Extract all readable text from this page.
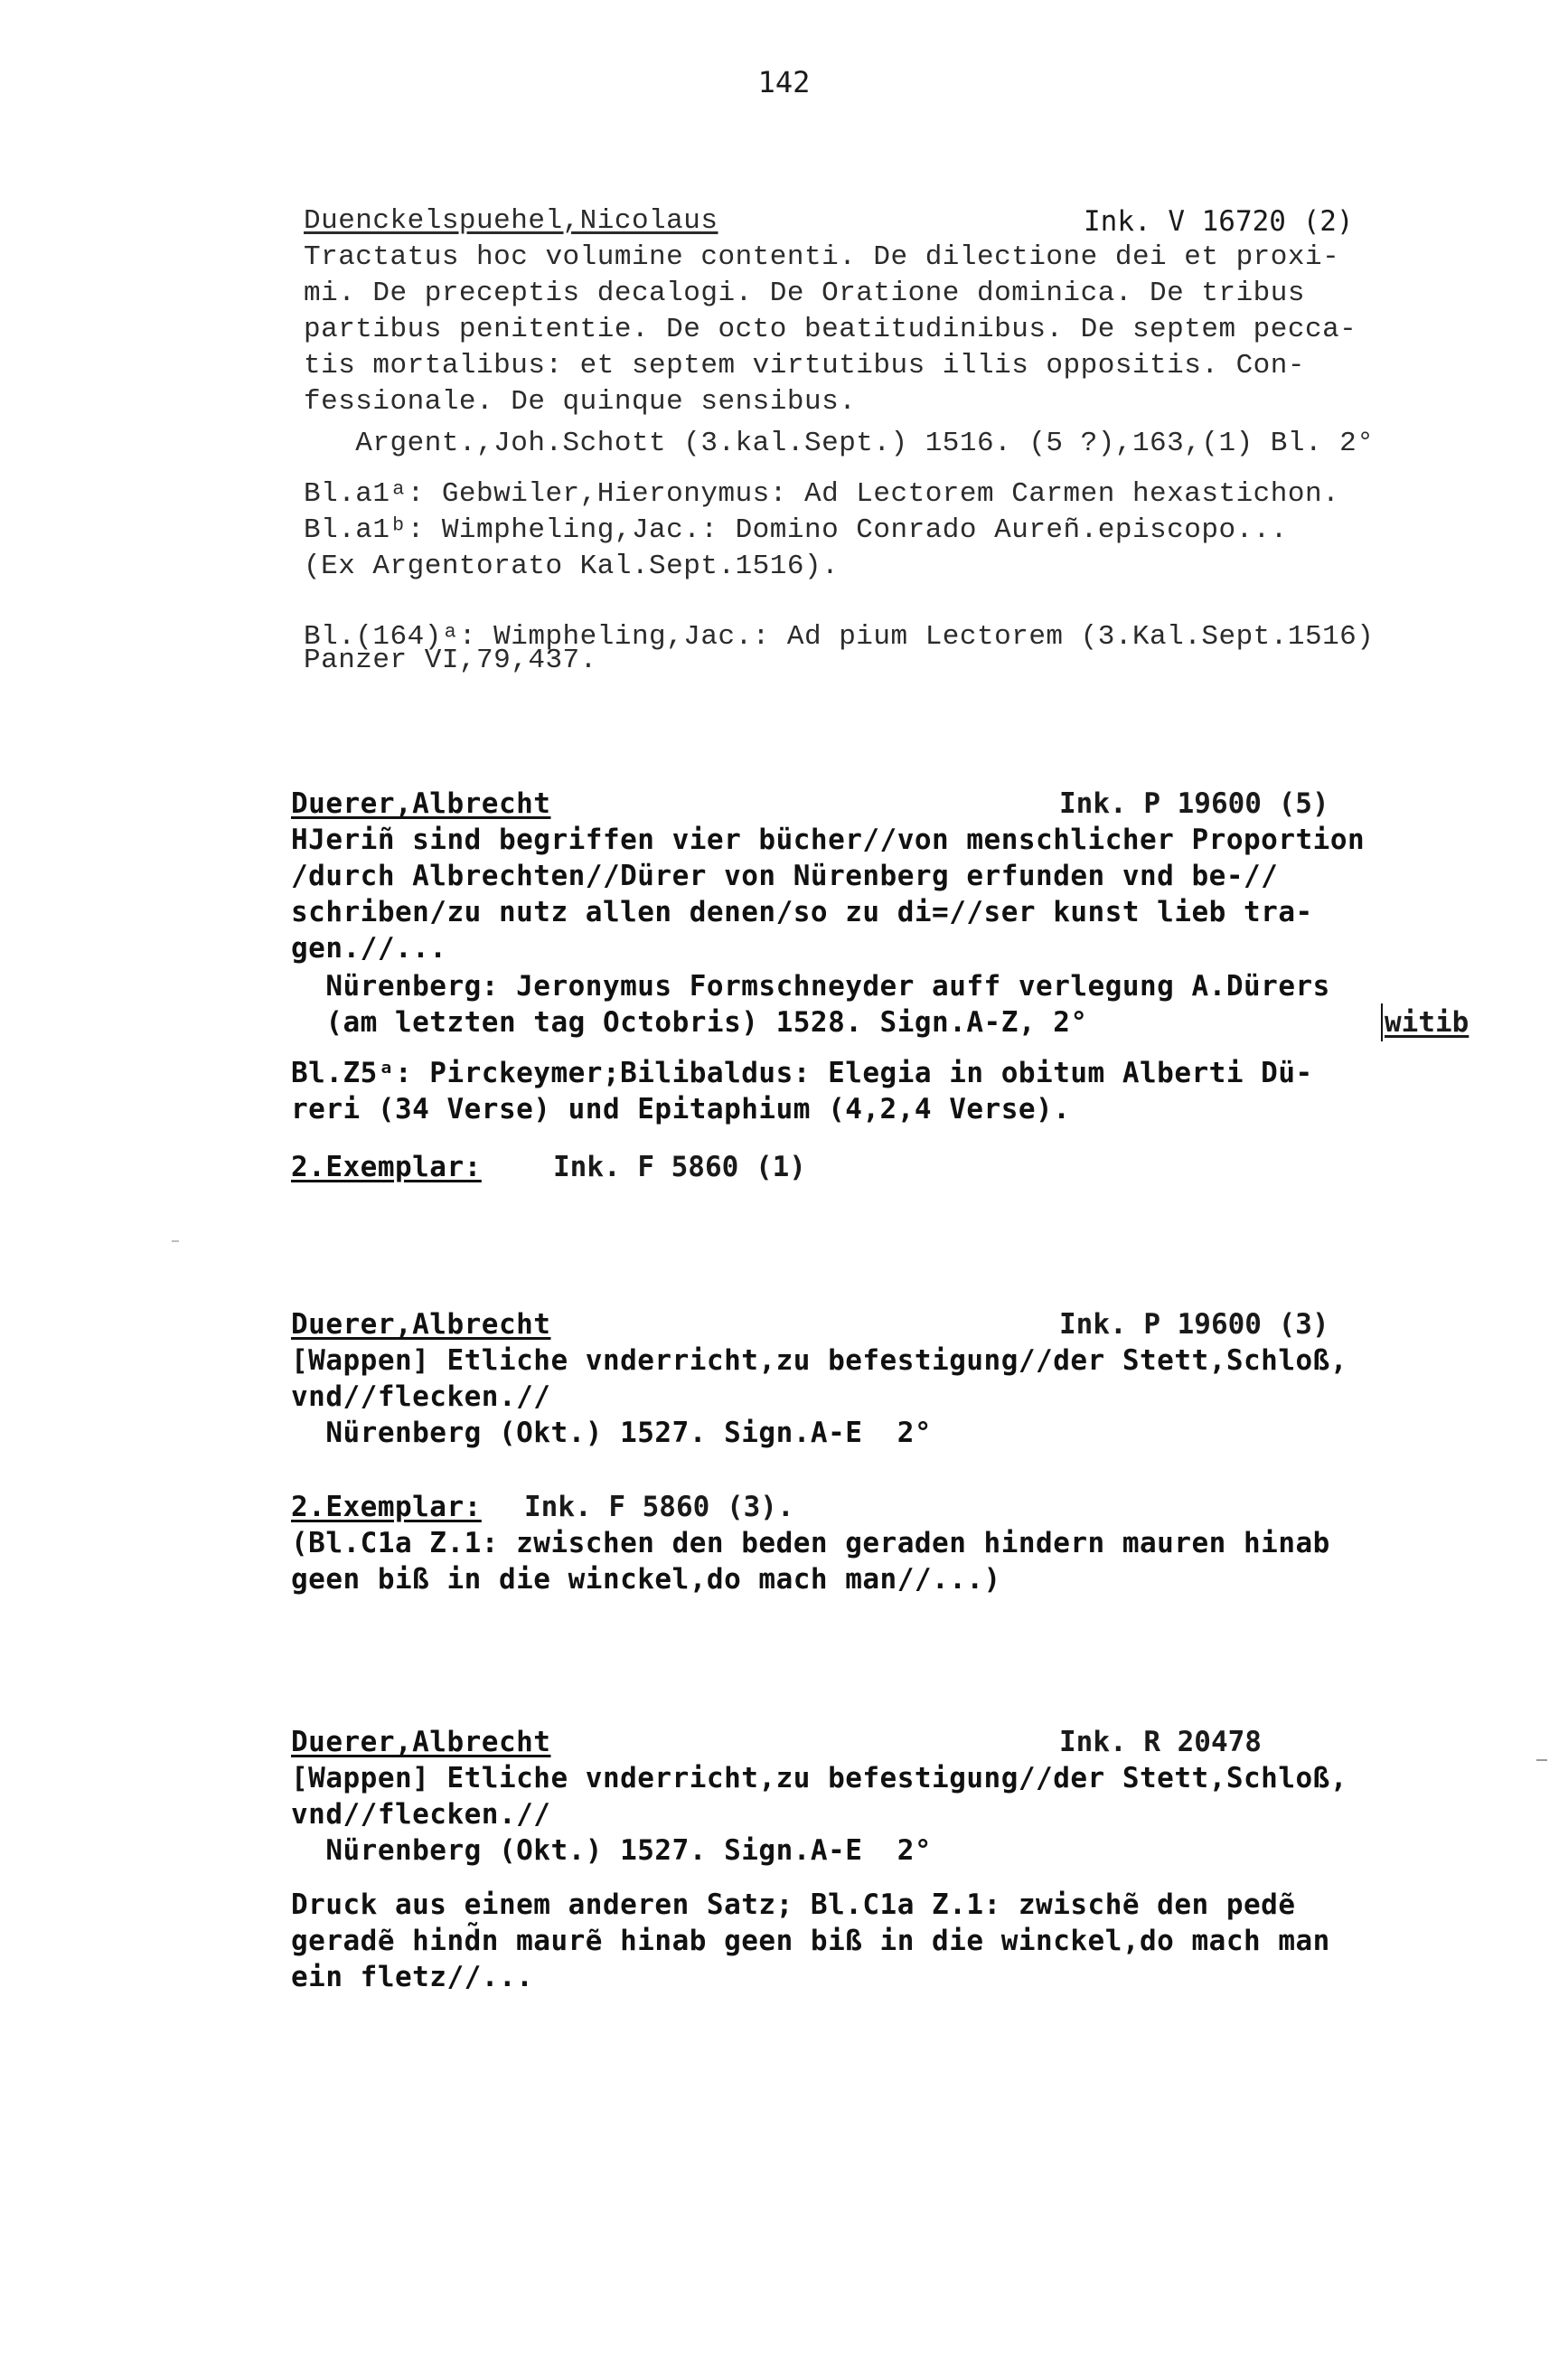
142
Duenckelspuehel,Nicolaus	Ink. V 16720 (2)
Tractatus hoc volumine contenti. De dilectione dei et proxi-
mi. De preceptis decalogi. De Oratione dominica. De tribus
partibus penitentie. De octo beatitudinibus. De septem pecca-
tis mortalibus: et septem virtutibus illis oppositis. Con-
fessionale. De quinque sensibus.
Argent.,Joh.Schott (3.kal.Sept.) 1516. (5 ?),163,(1) Bl. 2°
Bl.a1ᵃ: Gebwiler,Hieronymus: Ad Lectorem Carmen hexastichon.
Bl.a1ᵇ: Wimpheling,Jac.: Domino Conrado Aureñ.episcopo...
(Ex Argentorato Kal.Sept.1516).
Bl.(164)ᵃ: Wimpheling,Jac.: Ad pium Lectorem (3.Kal.Sept.1516)
Panzer VI,79,437.
Duerer,Albrecht	Ink. P 19600 (5)
HJeriñ sind begriffen vier bücher//von menschlicher Proportion
/durch Albrechten//Dürer von Nürenberg erfunden vnd be-//
schriben/zu nutz allen denen/so zu di=//ser kunst lieb tra-
gen.//...
Nürenberg: Jeronymus Formschneyder auff verlegung A.Dürers
(am letzten tag Octobris) 1528. Sign.A-Z, 2°	witib
Bl.Z5ᵃ: Pirckeymer;Bilibaldus: Elegia in obitum Alberti Dü-
reri (34 Verse) und Epitaphium (4,2,4 Verse).
2.Exemplar:	Ink. F 5860 (1)
Duerer,Albrecht	Ink. P 19600 (3)
[Wappen] Etliche vnderricht,zu befestigung//der Stett,Schloß,
vnd//flecken.//
Nürenberg (Okt.) 1527. Sign.A-E  2°
2.Exemplar: Ink. F 5860 (3).
(Bl.C1a Z.1: zwischen den beden geraden hindern mauren hinab
geen biß in die winckel,do mach man//...)
Duerer,Albrecht	Ink. R 20478
[Wappen] Etliche vnderricht,zu befestigung//der Stett,Schloß,
vnd//flecken.//
Nürenberg (Okt.) 1527. Sign.A-E  2°
Druck aus einem anderen Satz; Bl.C1a Z.1: zwischẽ den pedẽ
geradẽ hind̃n maurẽ hinab geen biß in die winckel,do mach man
ein fletz//...
